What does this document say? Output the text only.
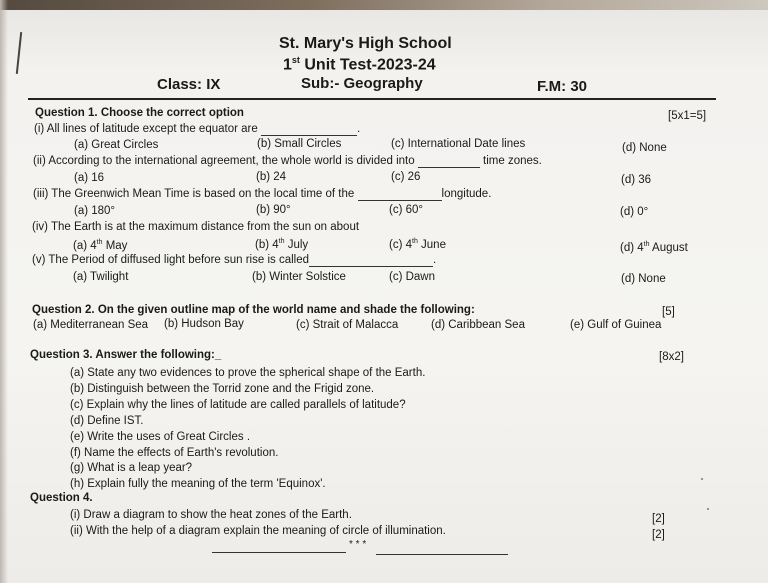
St. Mary's High School
1st Unit Test-2023-24
Class: IX	Sub:- Geography	F.M: 30
Question 1. Choose the correct option	[5x1=5]
(i) All lines of latitude except the equator are	.
(a) Great Circles	(b) Small Circles	(c) International Date lines	(d) None
(ii) According to the international agreement, the whole world is divided into	time zones.
(a) 16	(b) 24	(c) 26	(d) 36
(iii) The Greenwich Mean Time is based on the local time of the	longitude.
(a) 180°	(b) 90°	(c) 60°	(d) 0°
(iv) The Earth is at the maximum distance from the sun on about
(a) 4th May	(b) 4th July	(c) 4th June	(d) 4th August
(v) The Period of diffused light before sun rise is called	.
(a) Twilight	(b) Winter Solstice	(c) Dawn	(d) None
Question 2. On the given outline map of the world name and shade the following:	[5]
(a) Mediterranean Sea (b) Hudson Bay	(c) Strait of Malacca	(d) Caribbean Sea	(e) Gulf of Guinea
Question 3. Answer the following:_	[8x2]
(a) State any two evidences to prove the spherical shape of the Earth.
(b) Distinguish between the Torrid zone and the Frigid zone.
(c) Explain why the lines of latitude are called parallels of latitude?
(d) Define IST.
(e) Write the uses of Great Circles .
(f) Name the effects of Earth's revolution.
(g) What is a leap year?
(h) Explain fully the meaning of the term 'Equinox'.
Question 4.
(i) Draw a diagram to show the heat zones of the Earth.	[2]
(ii) With the help of a diagram explain the meaning of circle of illumination.	[2]
* * *
